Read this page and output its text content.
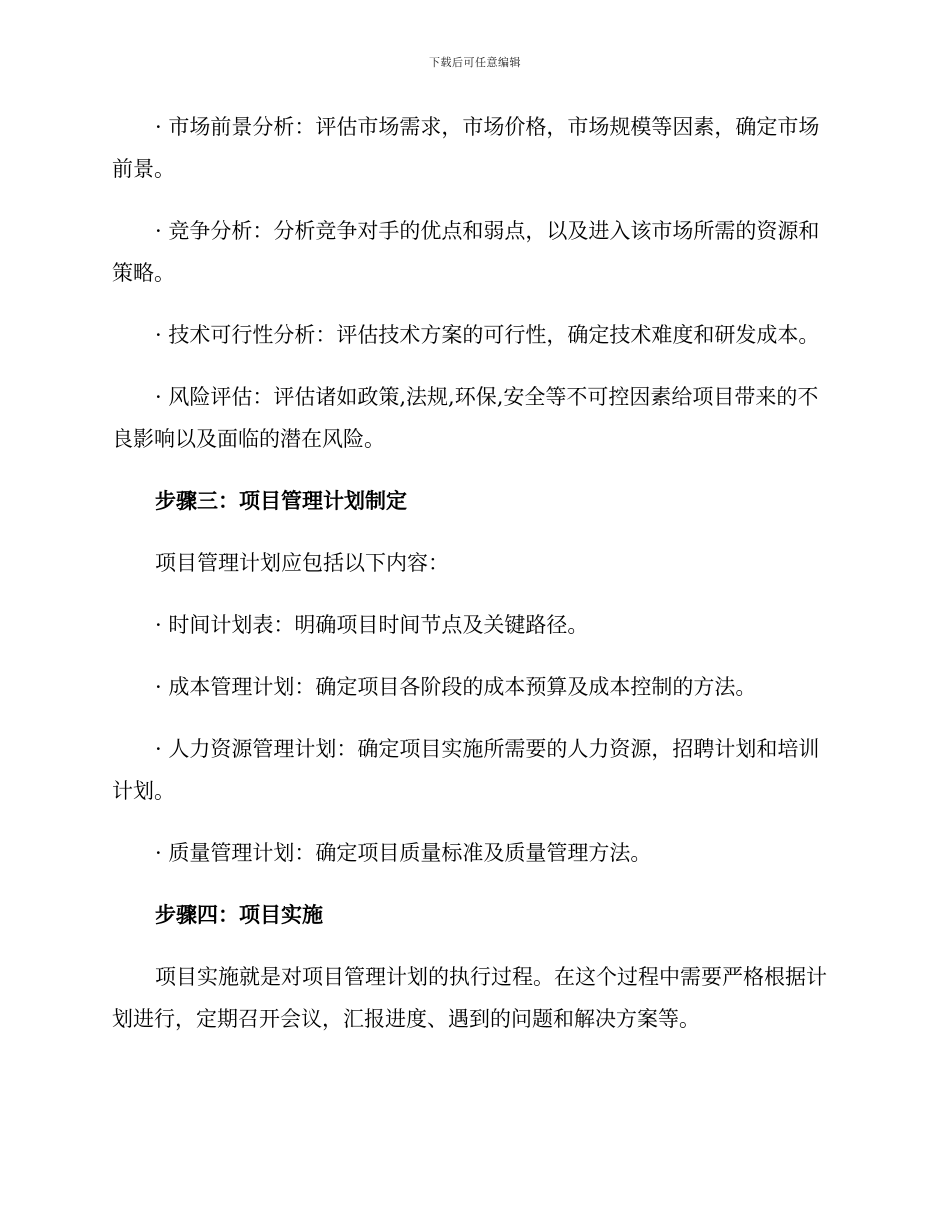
下载后可任意编辑

· 市场前景分析：评估市场需求，市场价格，市场规模等因素，确定市场前景。

· 竞争分析：分析竞争对手的优点和弱点，以及进入该市场所需的资源和策略。

· 技术可行性分析：评估技术方案的可行性，确定技术难度和研发成本。

· 风险评估：评估诸如政策,法规,环保,安全等不可控因素给项目带来的不良影响以及面临的潜在风险。

步骤三：项目管理计划制定

项目管理计划应包括以下内容：

· 时间计划表：明确项目时间节点及关键路径。

· 成本管理计划：确定项目各阶段的成本预算及成本控制的方法。

· 人力资源管理计划：确定项目实施所需要的人力资源，招聘计划和培训计划。

· 质量管理计划：确定项目质量标准及质量管理方法。

步骤四：项目实施

项目实施就是对项目管理计划的执行过程。在这个过程中需要严格根据计划进行，定期召开会议，汇报进度、遇到的问题和解决方案等。
